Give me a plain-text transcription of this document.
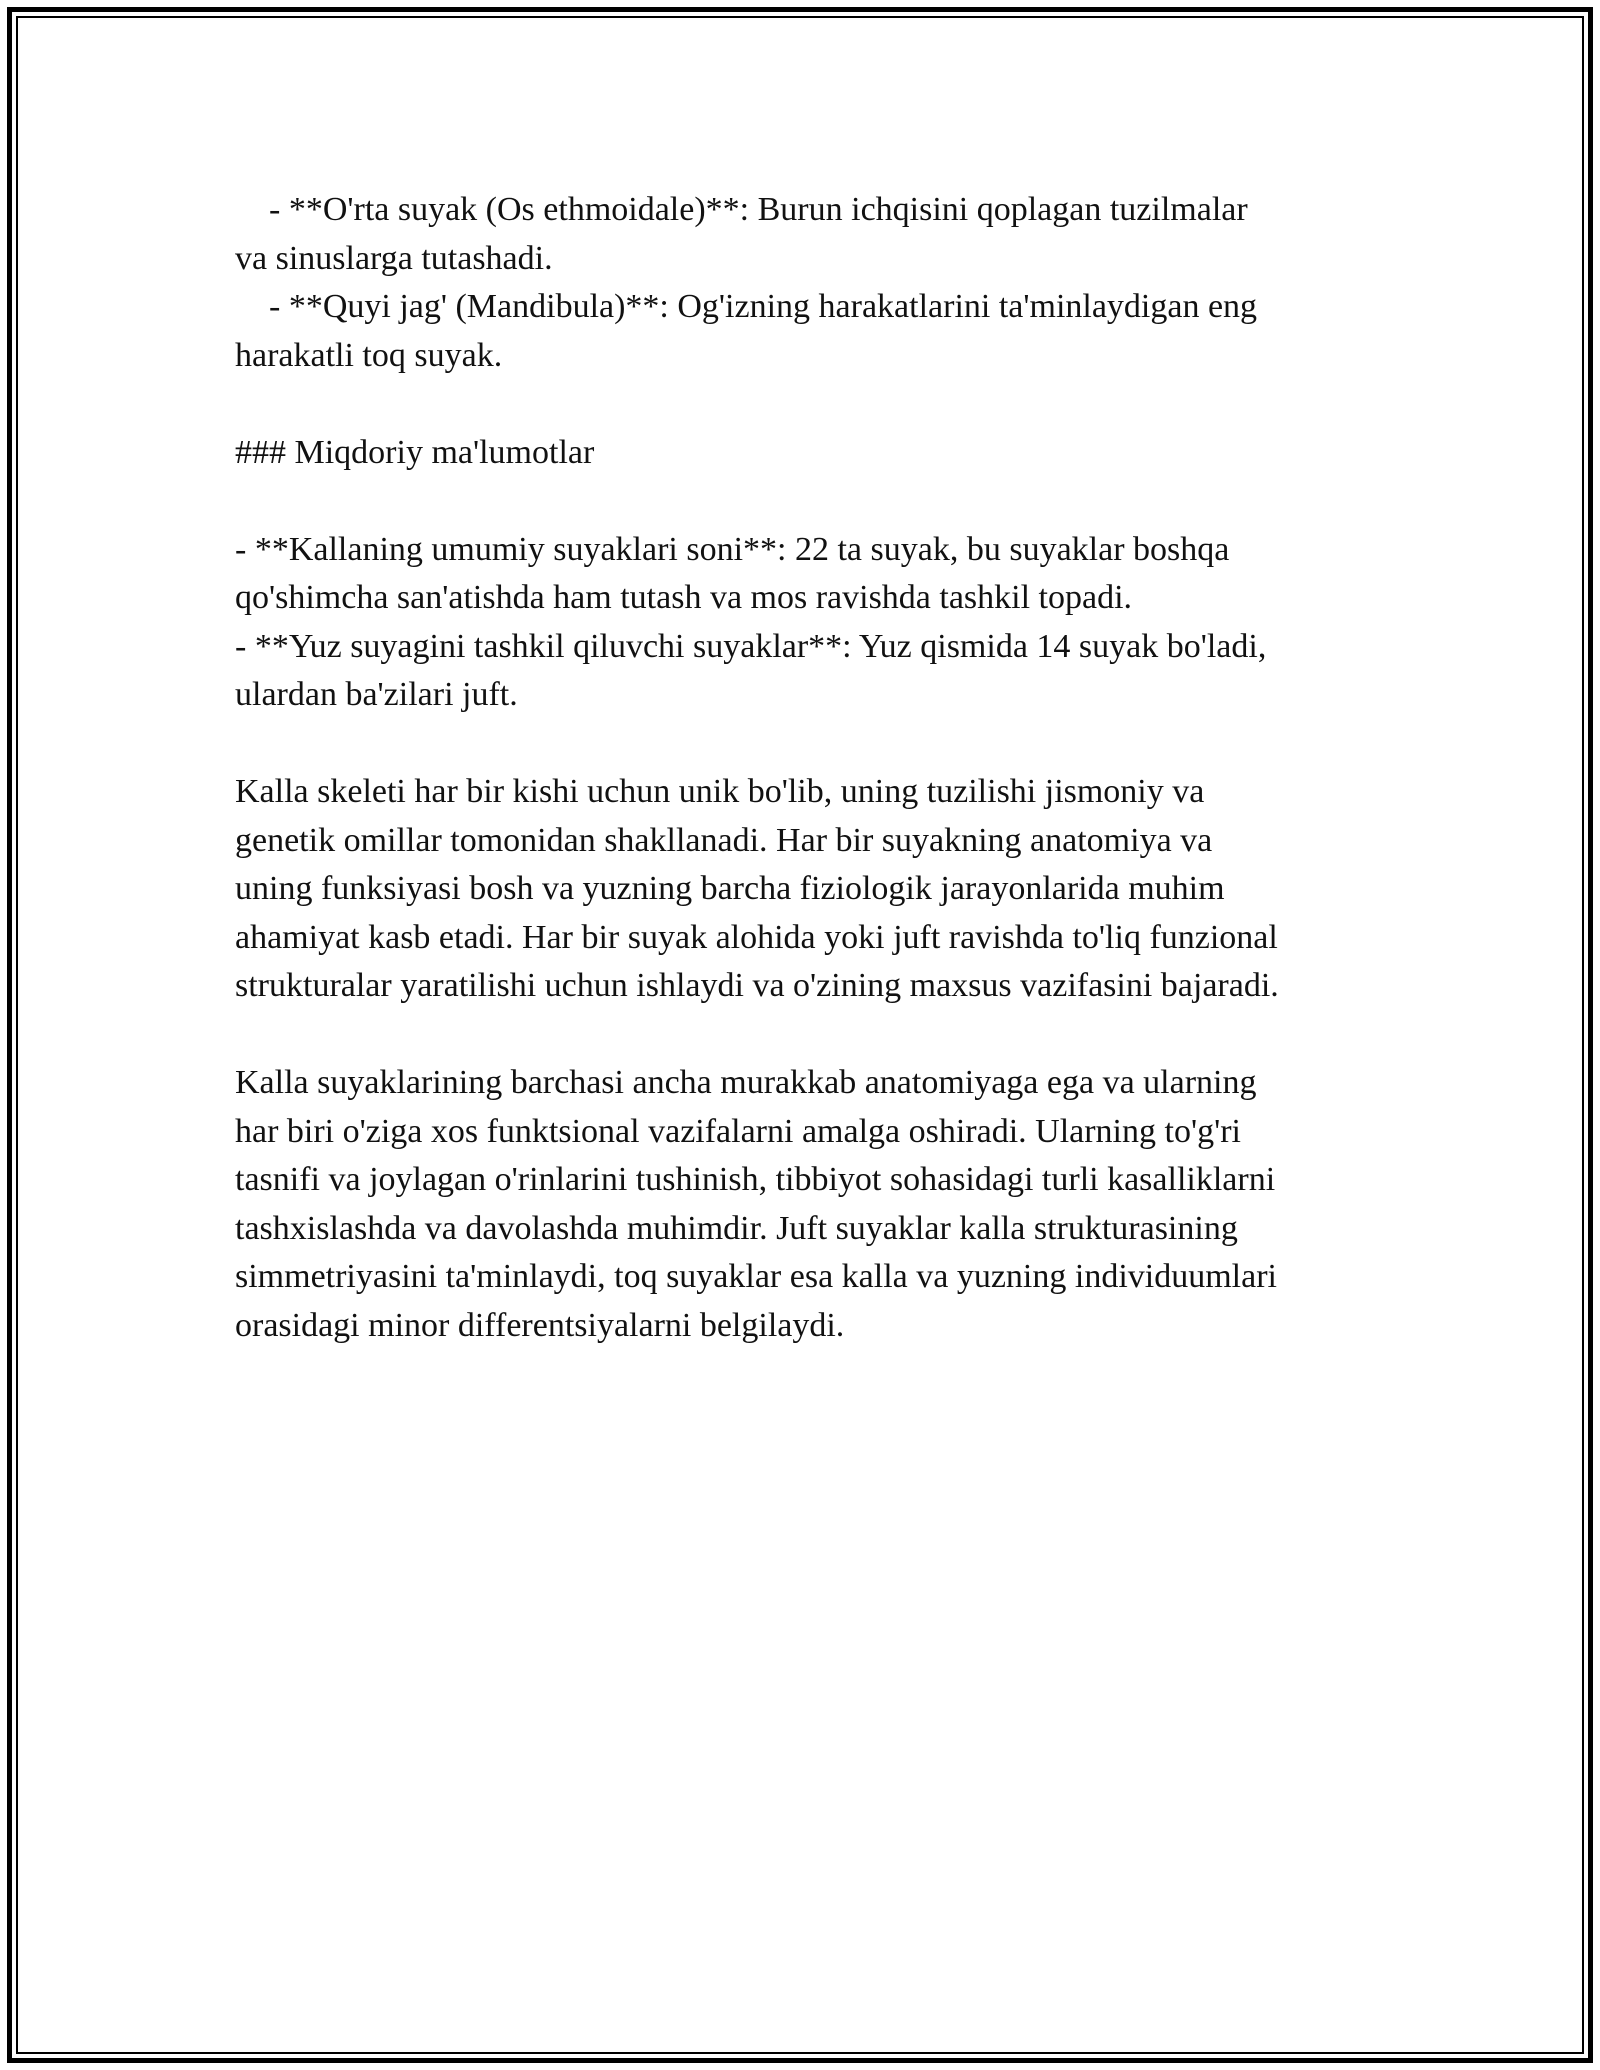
- **O'rta suyak (Os ethmoidale)**: Burun ichqisini qoplagan tuzilmalar
va sinuslarga tutashadi.
- **Quyi jag' (Mandibula)**: Og'izning harakatlarini ta'minlaydigan eng
harakatli toq suyak.
### Miqdoriy ma'lumotlar
- **Kallaning umumiy suyaklari soni**: 22 ta suyak, bu suyaklar boshqa
qo'shimcha san'atishda ham tutash va mos ravishda tashkil topadi.
- **Yuz suyagini tashkil qiluvchi suyaklar**: Yuz qismida 14 suyak bo'ladi,
ulardan ba'zilari juft.
Kalla skeleti har bir kishi uchun unik bo'lib, uning tuzilishi jismoniy va
genetik omillar tomonidan shakllanadi. Har bir suyakning anatomiya va
uning funksiyasi bosh va yuzning barcha fiziologik jarayonlarida muhim
ahamiyat kasb etadi. Har bir suyak alohida yoki juft ravishda to'liq funzional
strukturalar yaratilishi uchun ishlaydi va o'zining maxsus vazifasini bajaradi.
Kalla suyaklarining barchasi ancha murakkab anatomiyaga ega va ularning
har biri o'ziga xos funktsional vazifalarni amalga oshiradi. Ularning to'g'ri
tasnifi va joylagan o'rinlarini tushinish, tibbiyot sohasidagi turli kasalliklarni
tashxislashda va davolashda muhimdir. Juft suyaklar kalla strukturasining
simmetriyasini ta'minlaydi, toq suyaklar esa kalla va yuzning individuumlari
orasidagi minor differentsiyalarni belgilaydi.
